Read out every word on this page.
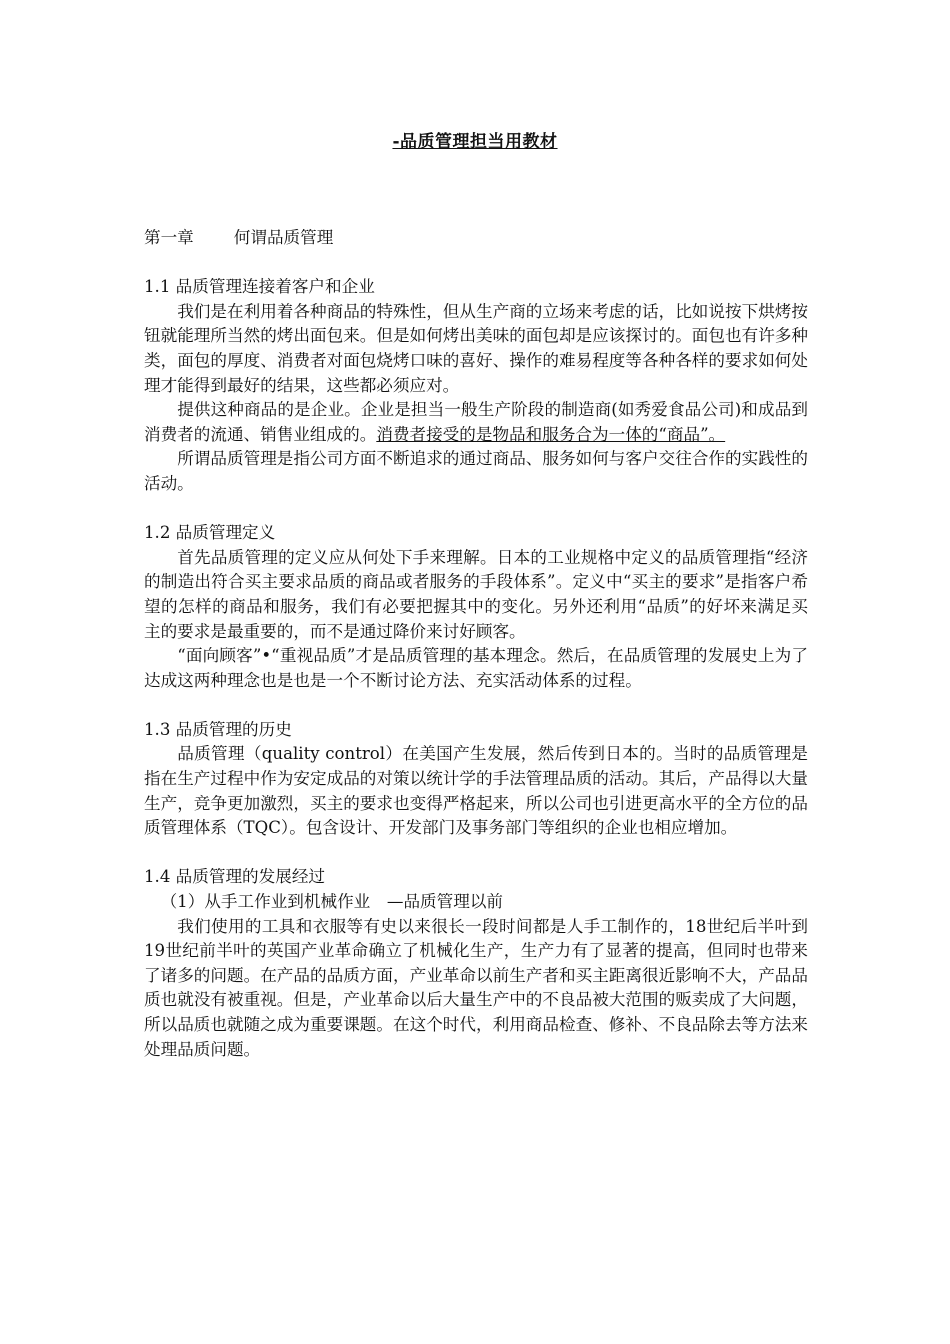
-品质管理担当用教材
第一章 何谓品质管理

1.1 品质管理连接着客户和企业

我们是在利用着各种商品的特殊性，但从生产商的立场来考虑的话，比如说按下烘烤按钮就能理所当然的烤出面包来。但是如何烤出美味的面包却是应该探讨的。面包也有许多种类，面包的厚度、消费者对面包烧烤口味的喜好、操作的难易程度等各种各样的要求如何处理才能得到最好的结果，这些都必须应对。

提供这种商品的是企业。企业是担当一般生产阶段的制造商(如秀爱食品公司)和成品到消费者的流通、销售业组成的。消费者接受的是物品和服务合为一体的“商品”。

所谓品质管理是指公司方面不断追求的通过商品、服务如何与客户交往合作的实践性的活动。

1.2 品质管理定义

首先品质管理的定义应从何处下手来理解。日本的工业规格中定义的品质管理指“经济的制造出符合买主要求品质的商品或者服务的手段体系”。定义中“买主的要求”是指客户希望的怎样的商品和服务，我们有必要把握其中的变化。另外还利用“品质”的好坏来满足买主的要求是最重要的，而不是通过降价来讨好顾客。

“面向顾客”•“重视品质”才是品质管理的基本理念。然后，在品质管理的发展史上为了达成这两种理念也是也是一个不断讨论方法、充实活动体系的过程。

1.3 品质管理的历史

品质管理（quality control）在美国产生发展，然后传到日本的。当时的品质管理是指在生产过程中作为安定成品的对策以统计学的手法管理品质的活动。其后，产品得以大量生产，竞争更加激烈，买主的要求也变得严格起来，所以公司也引进更高水平的全方位的品质管理体系（TQC）。包含设计、开发部门及事务部门等组织的企业也相应增加。

1.4 品质管理的发展经过

（1）从手工作业到机械作业　—品质管理以前

我们使用的工具和衣服等有史以来很长一段时间都是人手工制作的，18世纪后半叶到19世纪前半叶的英国产业革命确立了机械化生产，生产力有了显著的提高，但同时也带来了诸多的问题。在产品的品质方面，产业革命以前生产者和买主距离很近影响不大，产品品质也就没有被重视。但是，产业革命以后大量生产中的不良品被大范围的贩卖成了大问题，所以品质也就随之成为重要课题。在这个时代，利用商品检查、修补、不良品除去等方法来处理品质问题。
